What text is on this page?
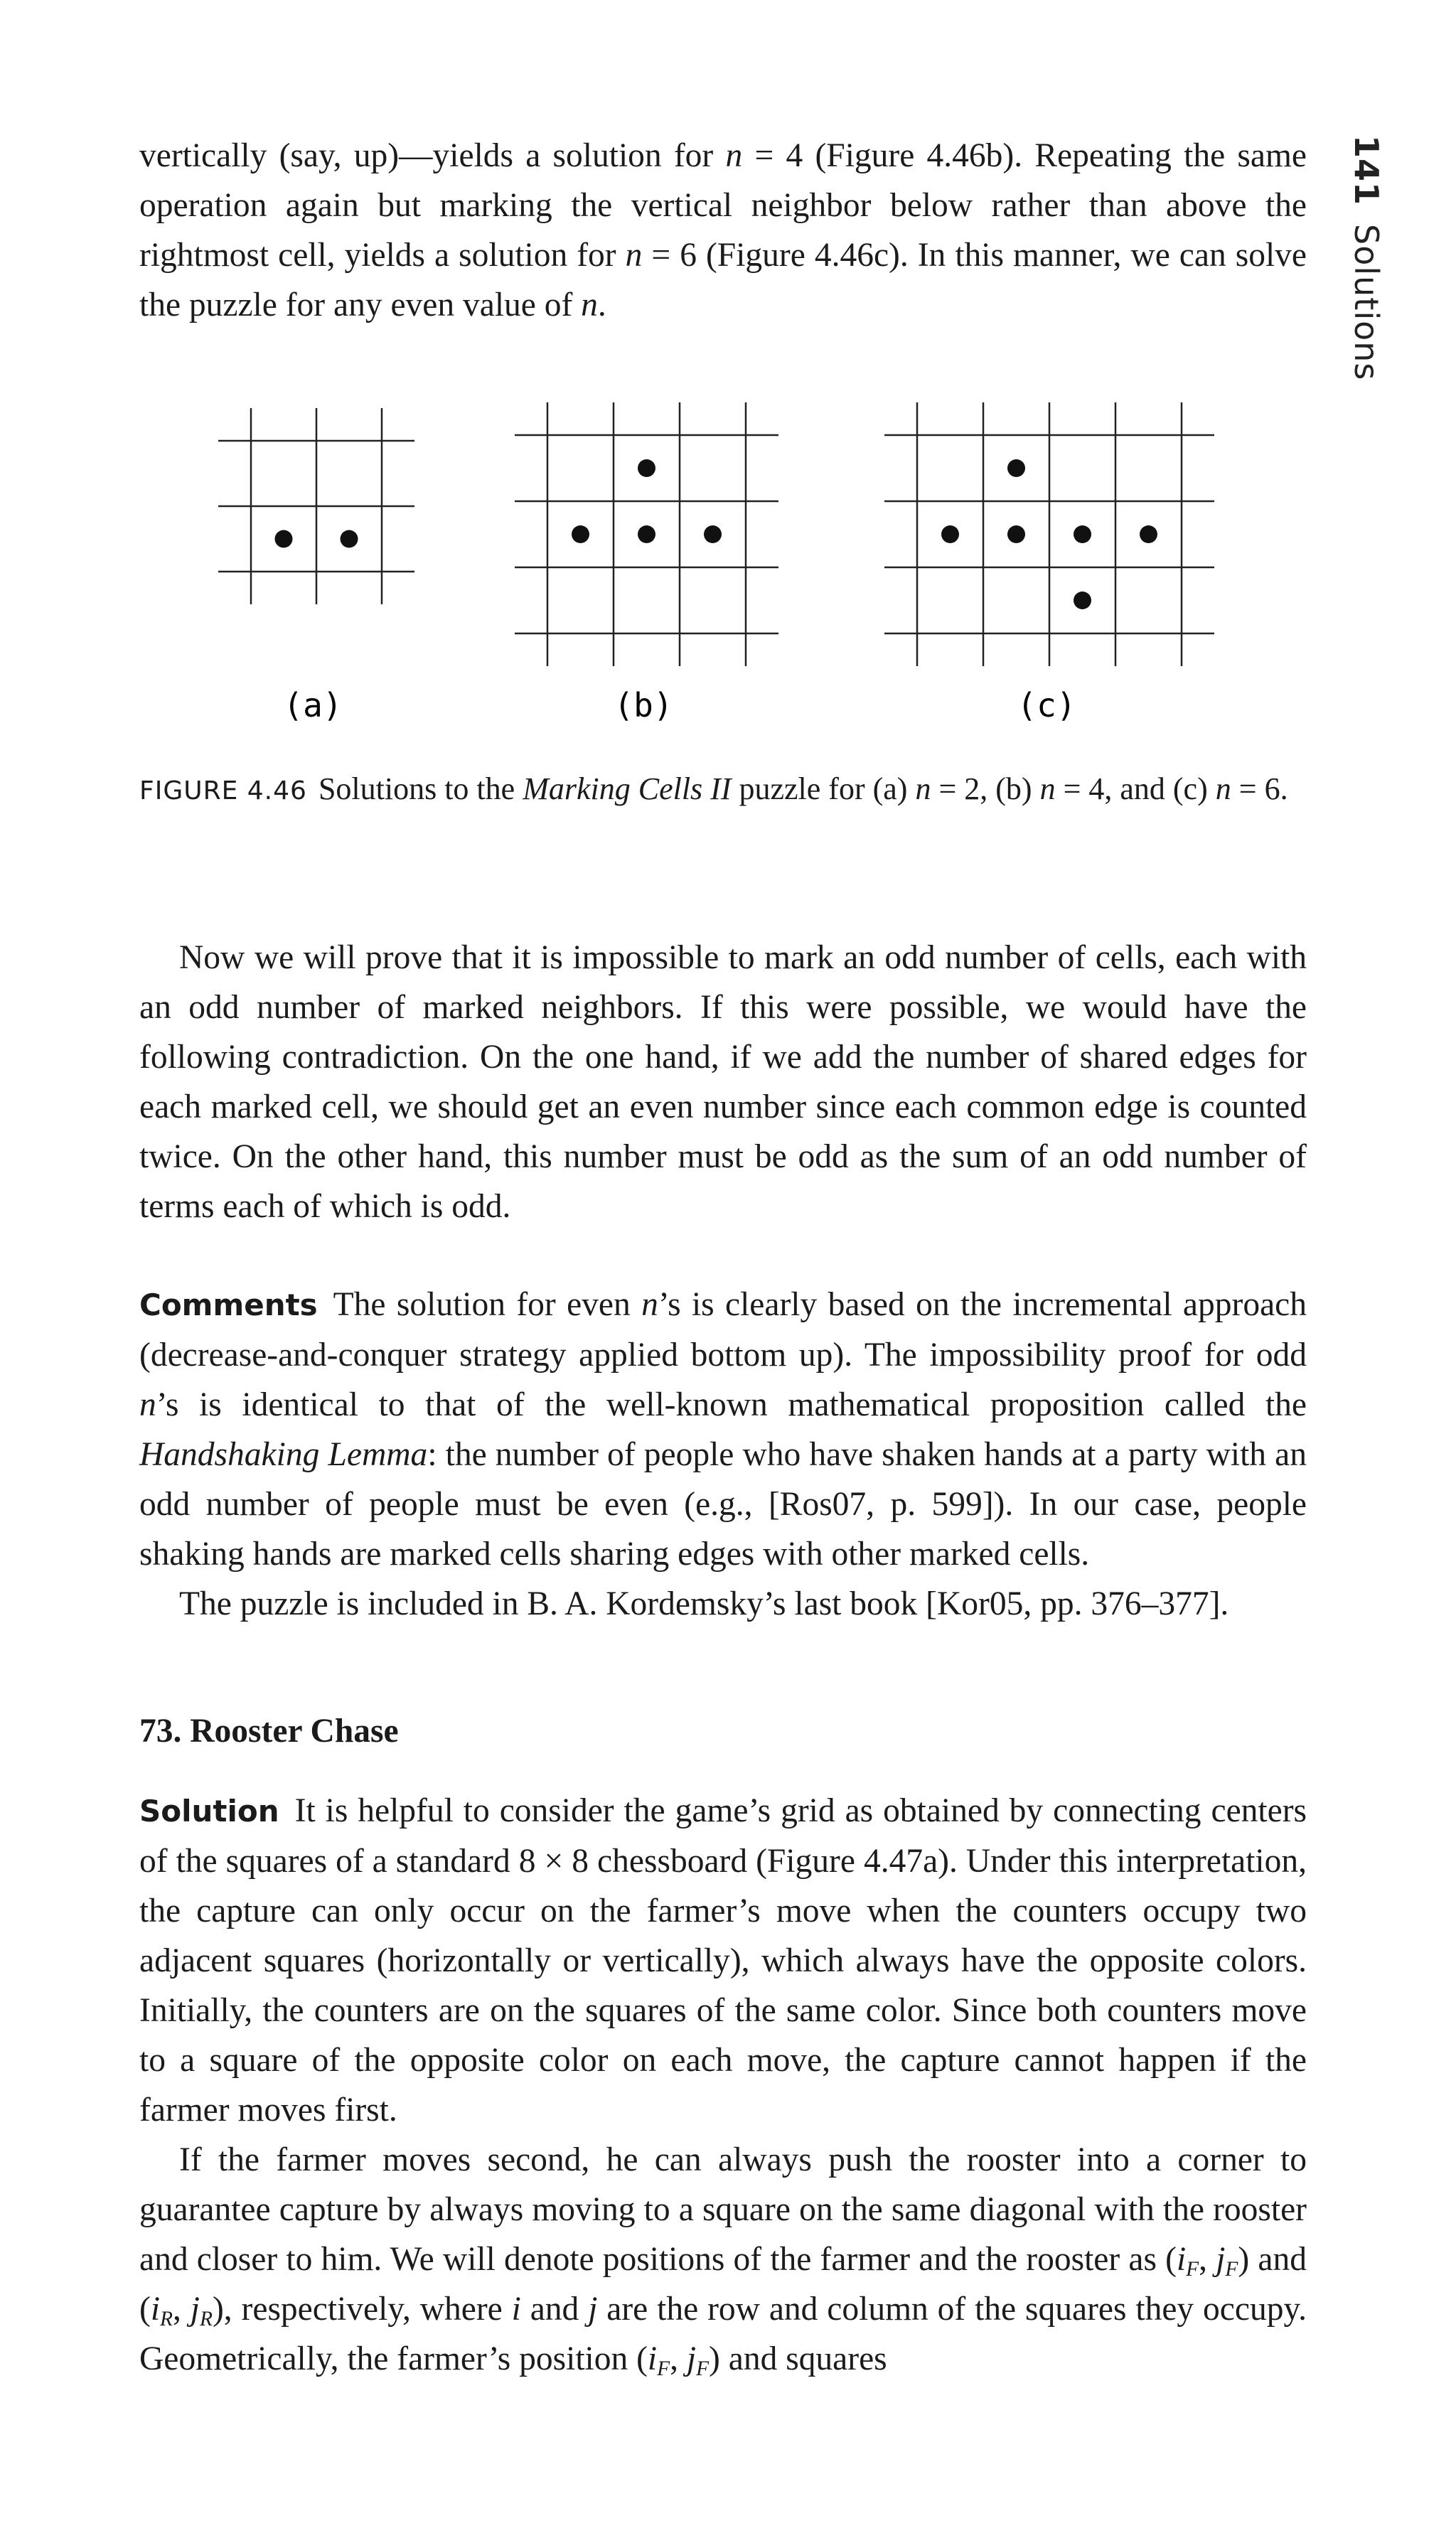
141Solutions

vertically (say, up)—yields a solution for n = 4 (Figure 4.46b). Repeating the same operation again but marking the vertical neighbor below rather than above the rightmost cell, yields a solution for n = 6 (Figure 4.46c). In this manner, we can solve the puzzle for any even value of n.

(a)	(b)	(c)

FIGURE 4.46 Solutions to the Marking Cells II puzzle for (a) n = 2, (b) n = 4, and (c) n = 6.

Now we will prove that it is impossible to mark an odd number of cells, each with an odd number of marked neighbors. If this were possible, we would have the following contradiction. On the one hand, if we add the number of shared edges for each marked cell, we should get an even number since each common edge is counted twice. On the other hand, this number must be odd as the sum of an odd number of terms each of which is odd.

Comments The solution for even n’s is clearly based on the incremental approach (decrease-and-conquer strategy applied bottom up). The impossibility proof for odd n’s is identical to that of the well-known mathematical proposition called the Handshaking Lemma: the number of people who have shaken hands at a party with an odd number of people must be even (e.g., [Ros07, p. 599]). In our case, people shaking hands are marked cells sharing edges with other marked cells.

The puzzle is included in B. A. Kordemsky’s last book [Kor05, pp. 376–377].

73. Rooster Chase

Solution It is helpful to consider the game’s grid as obtained by connecting centers of the squares of a standard 8 × 8 chessboard (Figure 4.47a). Under this interpretation, the capture can only occur on the farmer’s move when the counters occupy two adjacent squares (horizontally or vertically), which always have the opposite colors. Initially, the counters are on the squares of the same color. Since both counters move to a square of the opposite color on each move, the capture cannot happen if the farmer moves first.

If the farmer moves second, he can always push the rooster into a corner to guarantee capture by always moving to a square on the same diagonal with the rooster and closer to him. We will denote positions of the farmer and the rooster as ($i_F$, $j_F$) and ($i_R$, $j_R$), respectively, where i and j are the row and column of the squares they occupy. Geometrically, the farmer’s position ($i_F$, $j_F$) and squares
